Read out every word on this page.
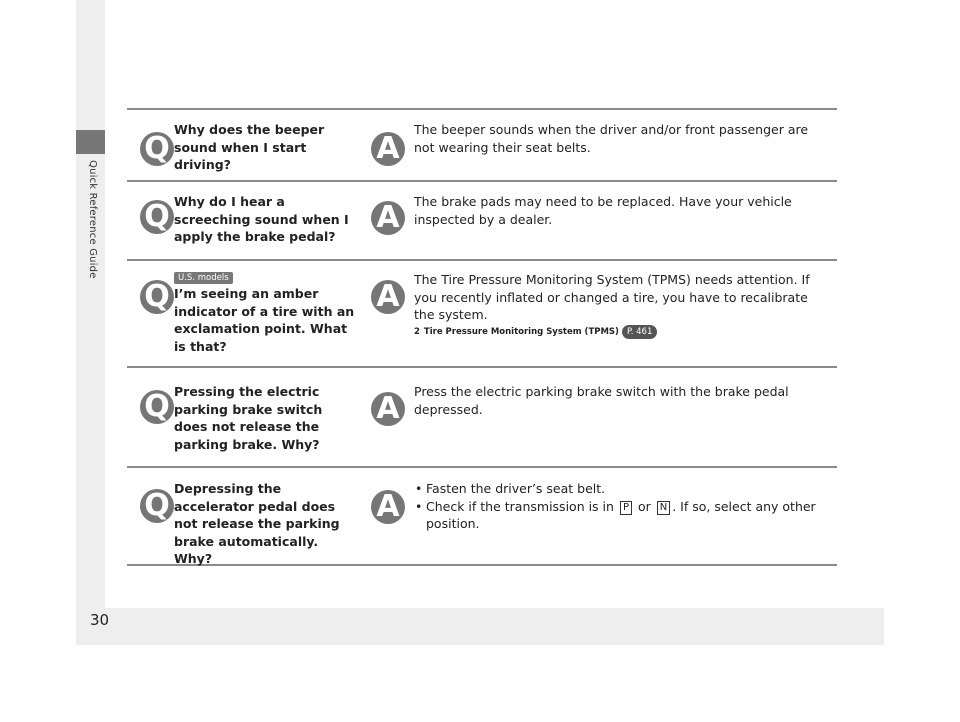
Quick Reference Guide
30
Q
Why does the beeper sound when I start driving?	A
The beeper sounds when the driver and/or front passenger are not wearing their seat belts.
Q Why do I hear a screeching sound when I apply the brake pedal?
A	The brake pads may need to be replaced. Have your vehicle inspected by a dealer.
U.S. models
Q I’m seeing an amber indicator of a tire with an exclamation point. What is that?
A	The Tire Pressure Monitoring System (TPMS) needs attention. If you recently inflated or changed a tire, you have to recalibrate the system.
2 Tire Pressure Monitoring System (TPMS) P. 461
Q Pressing the electric parking brake switch does not release the parking brake. Why?
A	Press the electric parking brake switch with the brake pedal depressed.
Q Depressing the accelerator pedal does not release the parking brake automatically. Why?
A
• Fasten the driver’s seat belt.
• Check if the transmission is in P or N . If so, select any other position.
